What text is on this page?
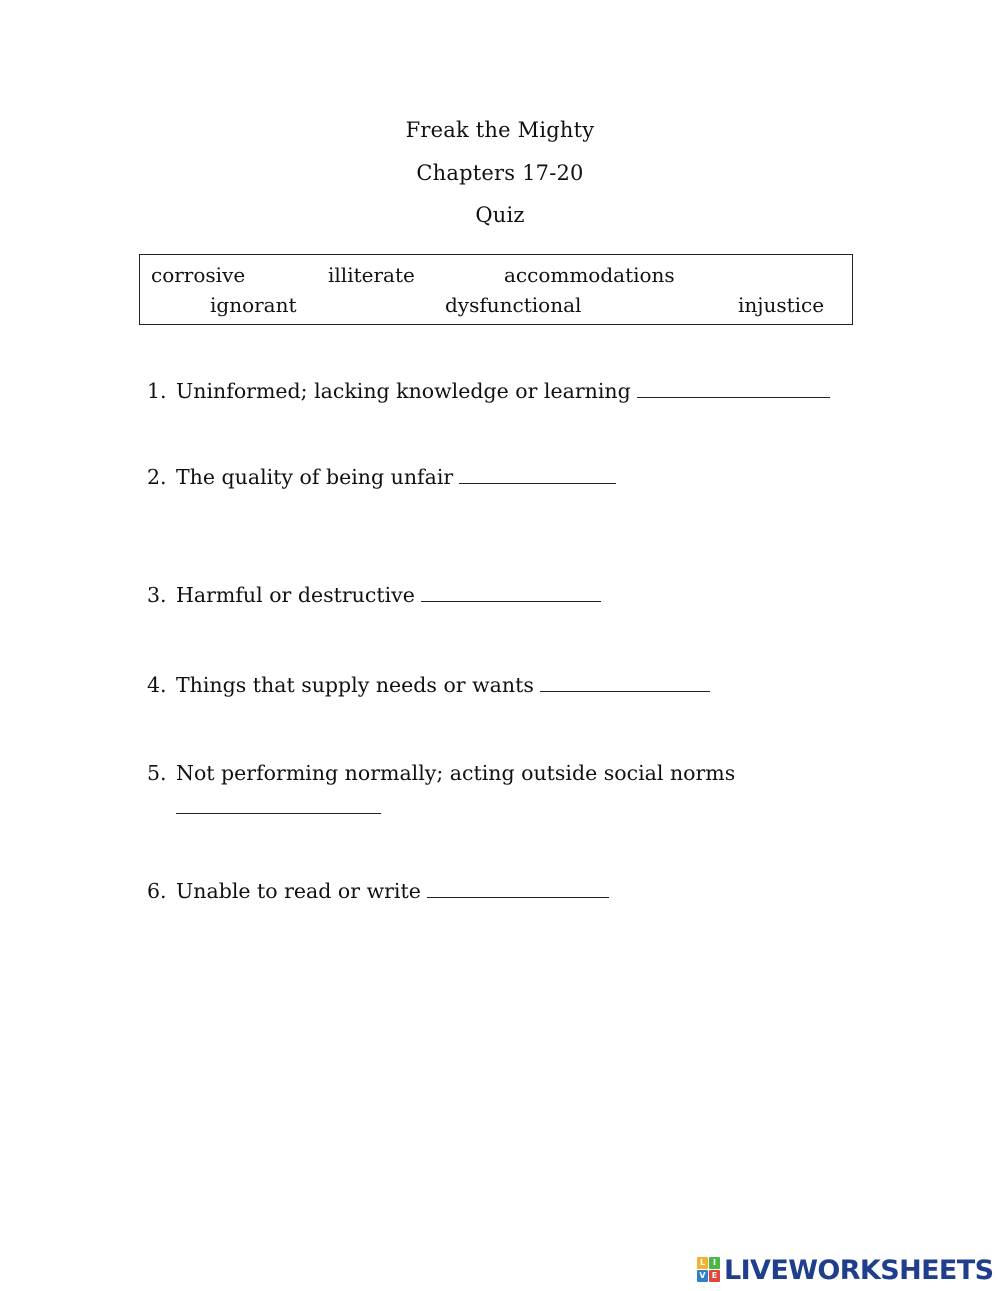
Freak the Mighty
Chapters 17-20
Quiz
corrosive	illiterate	accommodations
ignorant	dysfunctional	injustice
1. Uninformed; lacking knowledge or learning
2. The quality of being unfair
3. Harmful or destructive
4. Things that supply needs or wants
5. Not performing normally; acting outside social norms
6. Unable to read or write
L I
V E LIVEWORKSHEETS
